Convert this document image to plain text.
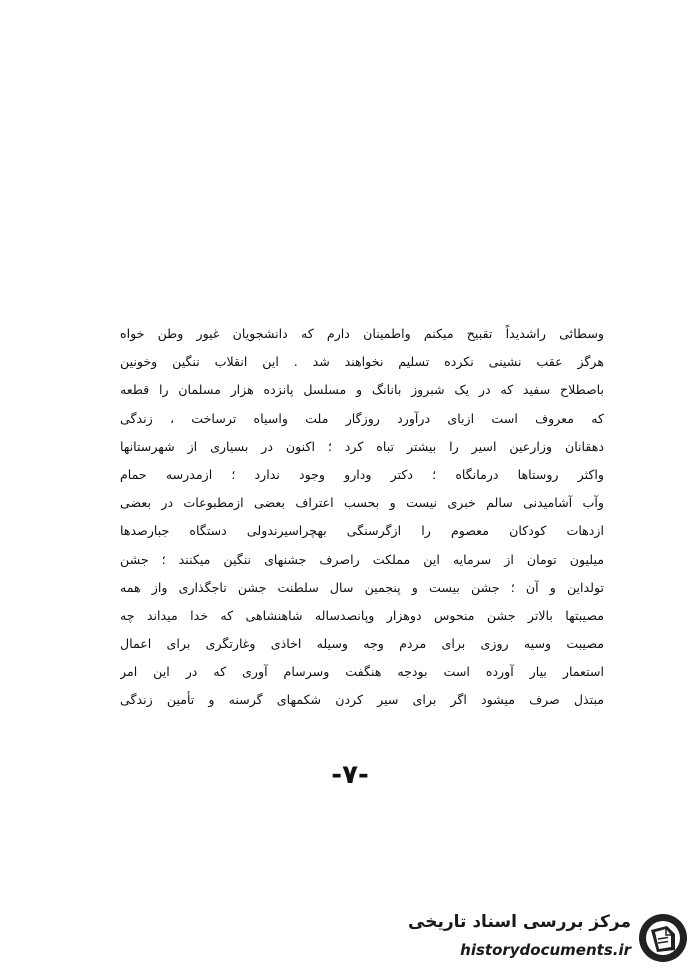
وسطائی راشدیداً تقبیح میکنم واطمینان دارم که دانشجویان غیور وطن خواه
هرگز عقب نشینی نکرده تسلیم نخواهند شد . این انقلاب ننگین وخونین
باصطلاح سفید که در یک شبروز بانانگ و مسلسل پانزده هزار مسلمان را قطعه
که معروف است ازبای درآورد روزگار ملت واسیاه ترساخت ، زندگی
دهقانان وزارعین اسیر را بیشتر تباه کرد ؛ اکنون در بسیاری از شهرستانها
واکثر روستاها درمانگاه ؛ دکتر ودارو وجود ندارد ؛ ازمدرسه حمام
وآب آشامیدنی سالم خبری نیست و بحسب اعتراف بعضی ازمطبوعات در بعضی
ازدهات کودکان معصوم را ازگرسنگی بهچراسیرندولی دستگاه جبارصدها
میلیون تومان از سرمایه این مملکت راصرف جشنهای ننگین میکنند ؛ جشن
تولداین و آن ؛ جشن بیست و پنجمین سال سلطنت جشن تاجگذاری واز همه
مصیبتها بالاتر جشن منحوس دوهزار وپانصدساله شاهنشاهی که خدا میداند چه
مصیبت وسیه روزی برای مردم وجه وسیله اخاذی وغارتگری برای اعمال
استعمار بیار آورده است بودجه هنگفت وسرسام آوری که در این امر
مبتذل صرف میشود اگر برای سیر کردن شکمهای گرسنه و تأمین زندگی
-۷-
مرکز بررسی اسناد تاریخی
historydocuments.ir
